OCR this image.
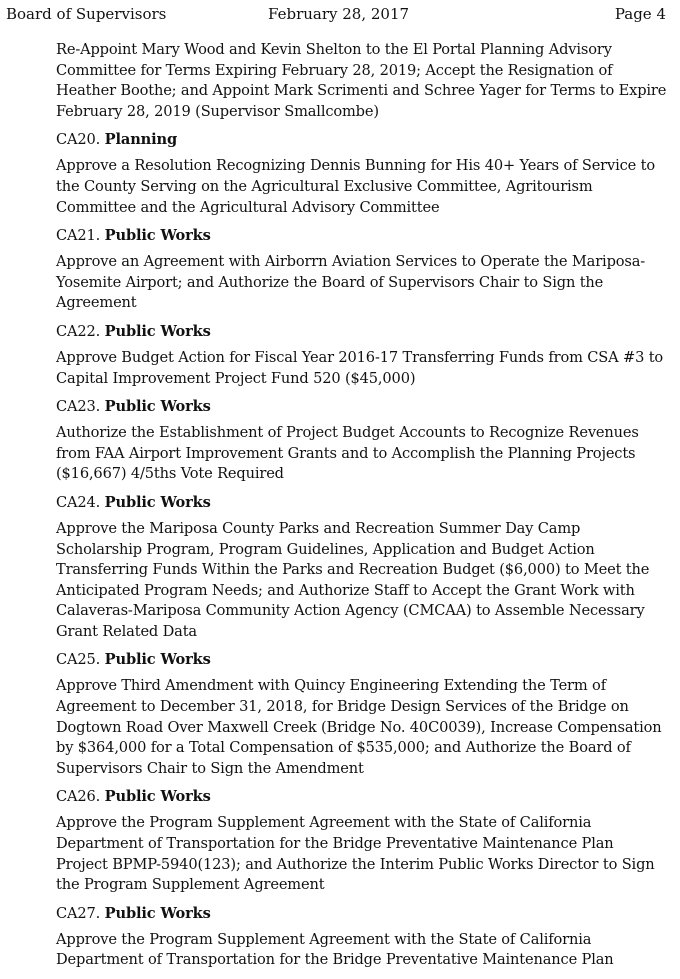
Board of Supervisors	February 28, 2017	Page 4

Re-Appoint Mary Wood and Kevin Shelton to the El Portal Planning Advisory Committee for Terms Expiring February 28, 2019; Accept the Resignation of Heather Boothe; and Appoint Mark Scrimenti and Schree Yager for Terms to Expire February 28, 2019 (Supervisor Smallcombe)

CA20. Planning

Approve a Resolution Recognizing Dennis Bunning for His 40+ Years of Service to the County Serving on the Agricultural Exclusive Committee, Agritourism Committee and the Agricultural Advisory Committee

CA21. Public Works

Approve an Agreement with Airborrn Aviation Services to Operate the Mariposa-Yosemite Airport; and Authorize the Board of Supervisors Chair to Sign the Agreement

CA22. Public Works

Approve Budget Action for Fiscal Year 2016-17 Transferring Funds from CSA #3 to Capital Improvement Project Fund 520 ($45,000)

CA23. Public Works

Authorize the Establishment of Project Budget Accounts to Recognize Revenues from FAA Airport Improvement Grants and to Accomplish the Planning Projects ($16,667) 4/5ths Vote Required

CA24. Public Works

Approve the Mariposa County Parks and Recreation Summer Day Camp Scholarship Program, Program Guidelines, Application and Budget Action Transferring Funds Within the Parks and Recreation Budget ($6,000) to Meet the Anticipated Program Needs; and Authorize Staff to Accept the Grant Work with Calaveras-Mariposa Community Action Agency (CMCAA) to Assemble Necessary Grant Related Data

CA25. Public Works

Approve Third Amendment with Quincy Engineering Extending the Term of Agreement to December 31, 2018, for Bridge Design Services of the Bridge on Dogtown Road Over Maxwell Creek (Bridge No. 40C0039), Increase Compensation by $364,000 for a Total Compensation of $535,000; and Authorize the Board of Supervisors Chair to Sign the Amendment

CA26. Public Works

Approve the Program Supplement Agreement with the State of California Department of Transportation for the Bridge Preventative Maintenance Plan Project BPMP-5940(123); and Authorize the Interim Public Works Director to Sign the Program Supplement Agreement

CA27. Public Works

Approve the Program Supplement Agreement with the State of California Department of Transportation for the Bridge Preventative Maintenance Plan
